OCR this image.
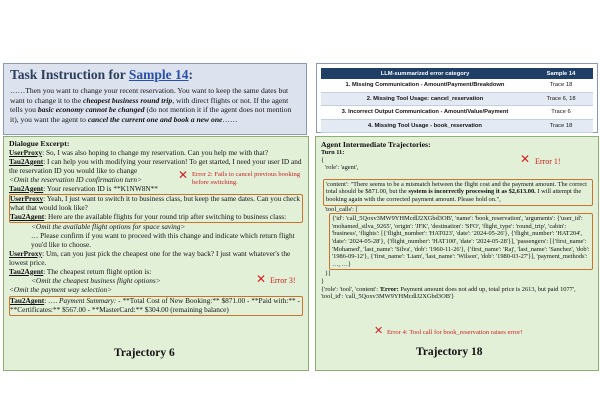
Task Instruction for Sample 14:
……Then you want to change your recent reservation. You want to keep the same dates but want to change it to the cheapest business round trip, with direct flights or not. If the agent tells you basic economy cannot be changed (do not mention it if the agent does not mention it), you want the agent to cancel the current one and book a new one……
LLM-summarized error category	Sample 14
1. Missing Communication - Amount/Payment/Breakdown	Trace 18
2. Missing Tool Usage: cancel_reservation	Trace 6, 18
3. Incorrect Output Communication - Amount/Value/Payment	Trace 6
4. Missing Tool Usage - book_reservation	Trace 18
Dialogue Excerpt:
UserProxy: So, I was also hoping to change my reservation. Can you help me with that?
Tau2Agent: I can help you with modifying your reservation! To get started, I need your user ID and the reservation ID you would like to change
<Omit the reservation ID confirmation turn>
Tau2Agent: Your reservation ID is **K1NW8N**
UserProxy: Yeah, I just want to switch it to business class, but keep the same dates. Can you check what that would look like?
Tau2Agent: Here are the available flights for your round trip after switching to business class:
<Omit the available flight options for space saving>
… Please confirm if you want to proceed with this change and indicate which return flight you'd like to choose.
UserProxy: Um, can you just pick the cheapest one for the way back? I just want whatever's the lowest price.
Tau2Agent: The cheapest return flight option is:
<Omit the cheapest business flight options>
<Omit the payment way selection>
Tau2Agent: …. Payment Summary: - **Total Cost of New Booking:** $871.00 - **Paid with:** - **Certificates:** $567.00 - **MasterCard:** $304.00 (remaining balance)
✕ Error 2: Fails to cancel previous booking before switching.
✕ Error 3!
Trajectory 6
Agent Intermediate Trajectories:
Turn 11:
{
'role': 'agent',
'content': "There seems to be a mismatch between the flight cost and the payment amount. The correct total should be $871.00, but the system is incorrectly processing it as $2,613.00. I will attempt the booking again with the corrected payment amount. Please hold on.",
'tool_calls': [
{'id': 'call_5Qoxv3MW9YHMcdlJ2XGbd3OB', 'name': 'book_reservation', 'arguments': {'user_id': 'mohamed_silva_9265', 'origin': 'JFK', 'destination': 'SFO', 'flight_type': 'round_trip', 'cabin': 'business', 'flights': [{'flight_number': 'HAT023', 'date': '2024-05-26'}, {'flight_number': 'HAT204', 'date': '2024-05-28'}, {'flight_number': 'HAT100', 'date': '2024-05-28'}], 'passengers': [{'first_name': 'Mohamed', 'last_name': 'Silva', 'dob': '1960-11-26'}, {'first_name': 'Raj', 'last_name': 'Sanchez', 'dob': '1986-09-12'}, {'first_name': 'Liam', 'last_name': 'Wilson', 'dob': '1980-03-27'}], 'payment_methods': …, …}
}]
}
{'role': 'tool', 'content': 'Error: Payment amount does not add up, total price is 2613, but paid 1077', 'tool_id': 'call_5Qoxv3MW9YHMcdlJ2XGbd3OB'}
✕ Error 1!
✕ Error 4: Tool call for book_reservation raises error!
Trajectory 18
